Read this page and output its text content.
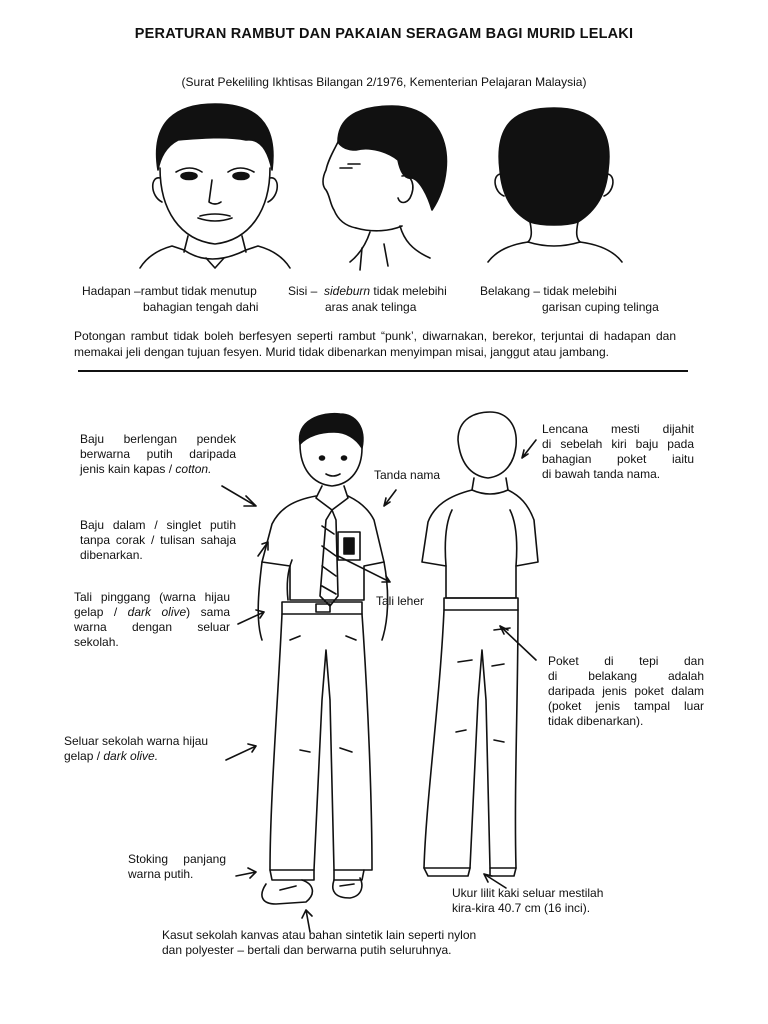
PERATURAN RAMBUT DAN PAKAIAN SERAGAM BAGI MURID LELAKI
(Surat Pekeliling Ikhtisas Bilangan 2/1976, Kementerian Pelajaran Malaysia)
Hadapan –rambut tidak menutup
bahagian tengah dahi
Sisi –  sideburn tidak melebihi
aras anak telinga
Belakang – tidak melebihi
garisan cuping telinga
Potongan rambut tidak boleh berfesyen seperti rambut “punk’, diwarnakan, berekor, terjuntai di hadapan dan
memakai jeli dengan tujuan fesyen. Murid tidak dibenarkan menyimpan misai, janggut atau jambang.
Baju berlengan pendek
berwarna putih daripada
jenis kain kapas / cotton.
Baju dalam / singlet putih
tanpa corak / tulisan sahaja
dibenarkan.
Tali pinggang (warna hijau
gelap / dark olive) sama
warna dengan seluar
sekolah.
Seluar sekolah warna hijau
gelap / dark olive.
Stoking panjang
warna putih.
Kasut sekolah kanvas atau bahan sintetik lain seperti nylon
dan polyester – bertali dan berwarna putih seluruhnya.
Tanda nama
Tali leher
Lencana mesti dijahit
di sebelah kiri baju pada
bahagian poket iaitu
di bawah tanda nama.
Poket di tepi dan
di belakang adalah
daripada jenis poket dalam
(poket jenis tampal luar
tidak dibenarkan).
Ukur lilit kaki seluar mestilah
kira-kira 40.7 cm (16 inci).
